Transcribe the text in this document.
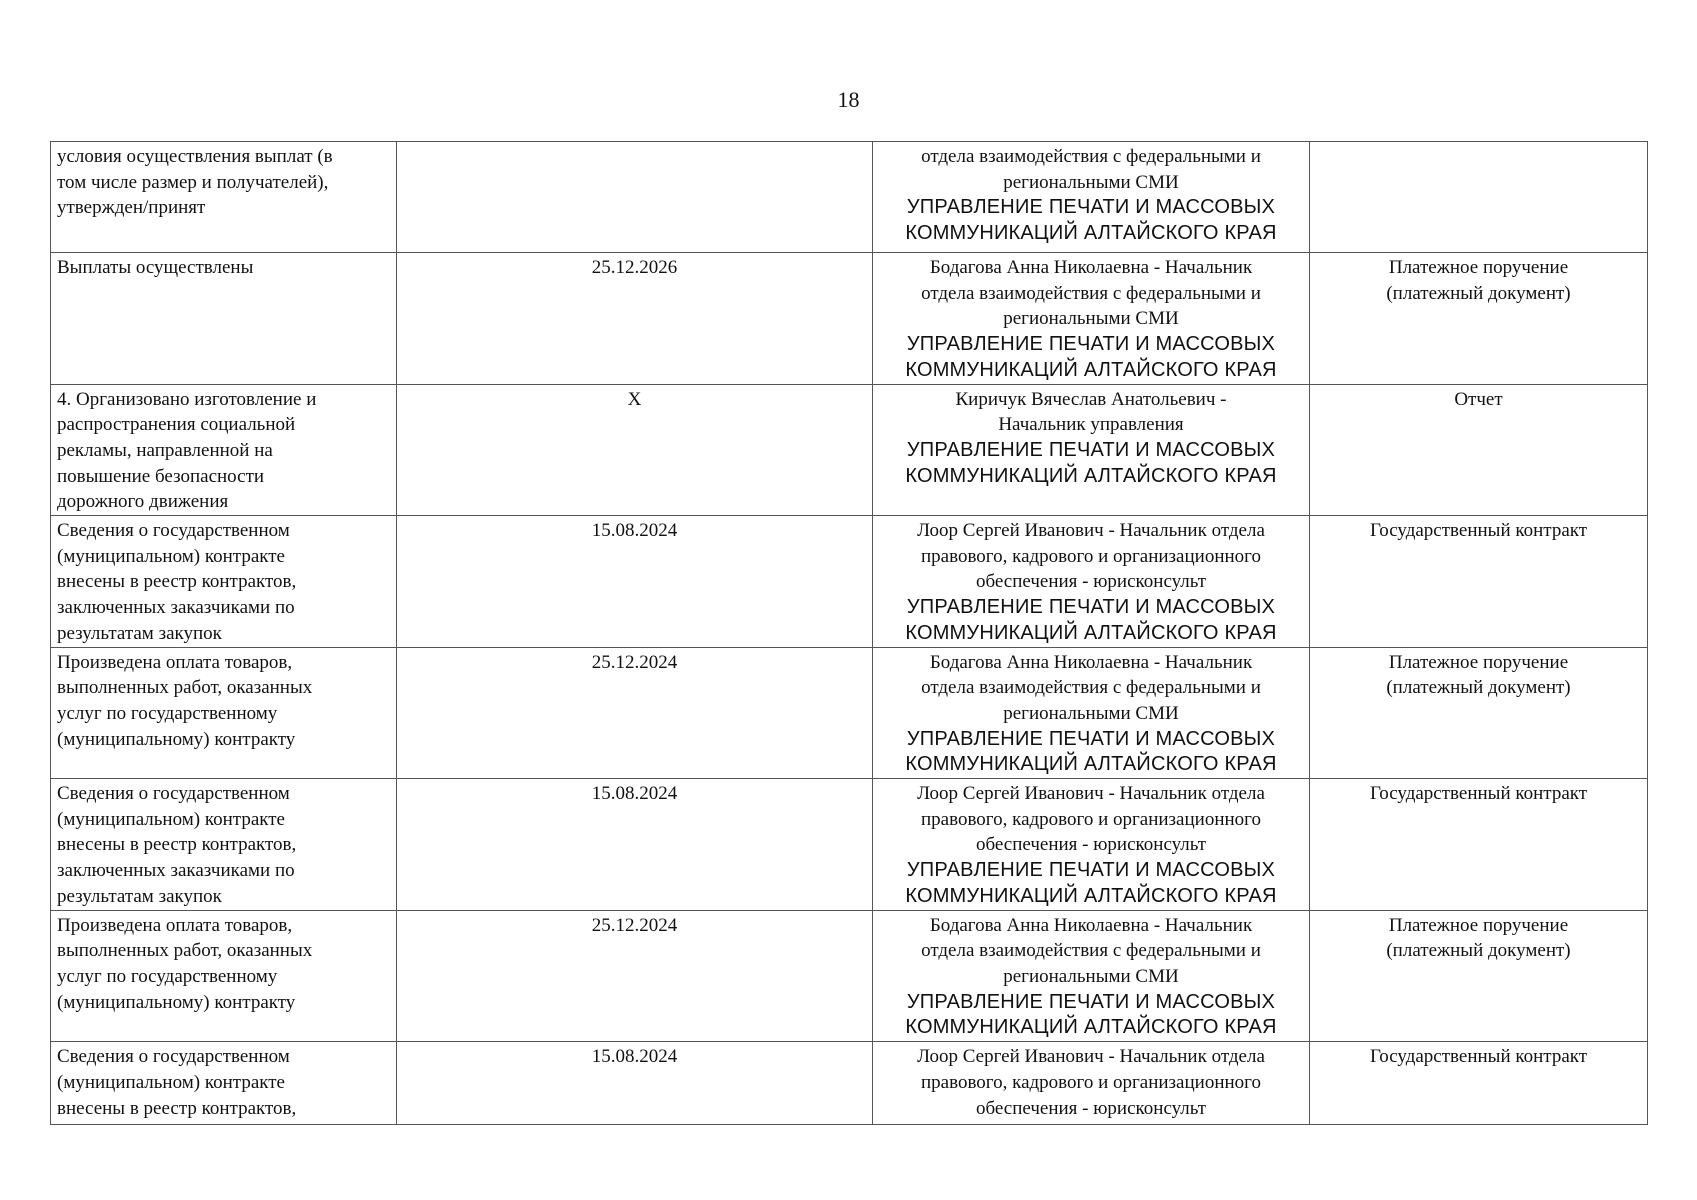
18
условия осуществления выплат (в
том числе размер и получателей),
утвержден/принят		отдела взаимодействия с федеральными и
региональными СМИ
УПРАВЛЕНИЕ ПЕЧАТИ И МАССОВЫХ
КОММУНИКАЦИЙ АЛТАЙСКОГО КРАЯ	

Выплаты осуществлены	25.12.2026	Бодагова Анна Николаевна - Начальник
отдела взаимодействия с федеральными и
региональными СМИ
УПРАВЛЕНИЕ ПЕЧАТИ И МАССОВЫХ
КОММУНИКАЦИЙ АЛТАЙСКОГО КРАЯ	Платежное поручение
(платежный документ)

4. Организовано изготовление и
распространения социальной
рекламы, направленной на
повышение безопасности
дорожного движения	X	Киричук Вячеслав Анатольевич -
Начальник управления
УПРАВЛЕНИЕ ПЕЧАТИ И МАССОВЫХ
КОММУНИКАЦИЙ АЛТАЙСКОГО КРАЯ	Отчет

Сведения о государственном
(муниципальном) контракте
внесены в реестр контрактов,
заключенных заказчиками по
результатам закупок	15.08.2024	Лоор Сергей Иванович - Начальник отдела
правового, кадрового и организационного
обеспечения - юрисконсульт
УПРАВЛЕНИЕ ПЕЧАТИ И МАССОВЫХ
КОММУНИКАЦИЙ АЛТАЙСКОГО КРАЯ	Государственный контракт

Произведена оплата товаров,
выполненных работ, оказанных
услуг по государственному
(муниципальному) контракту	25.12.2024	Бодагова Анна Николаевна - Начальник
отдела взаимодействия с федеральными и
региональными СМИ
УПРАВЛЕНИЕ ПЕЧАТИ И МАССОВЫХ
КОММУНИКАЦИЙ АЛТАЙСКОГО КРАЯ	Платежное поручение
(платежный документ)

Сведения о государственном
(муниципальном) контракте
внесены в реестр контрактов,
заключенных заказчиками по
результатам закупок	15.08.2024	Лоор Сергей Иванович - Начальник отдела
правового, кадрового и организационного
обеспечения - юрисконсульт
УПРАВЛЕНИЕ ПЕЧАТИ И МАССОВЫХ
КОММУНИКАЦИЙ АЛТАЙСКОГО КРАЯ	Государственный контракт

Произведена оплата товаров,
выполненных работ, оказанных
услуг по государственному
(муниципальному) контракту	25.12.2024	Бодагова Анна Николаевна - Начальник
отдела взаимодействия с федеральными и
региональными СМИ
УПРАВЛЕНИЕ ПЕЧАТИ И МАССОВЫХ
КОММУНИКАЦИЙ АЛТАЙСКОГО КРАЯ	Платежное поручение
(платежный документ)

Сведения о государственном
(муниципальном) контракте
внесены в реестр контрактов,	15.08.2024	Лоор Сергей Иванович - Начальник отдела
правового, кадрового и организационного
обеспечения - юрисконсульт	Государственный контракт
